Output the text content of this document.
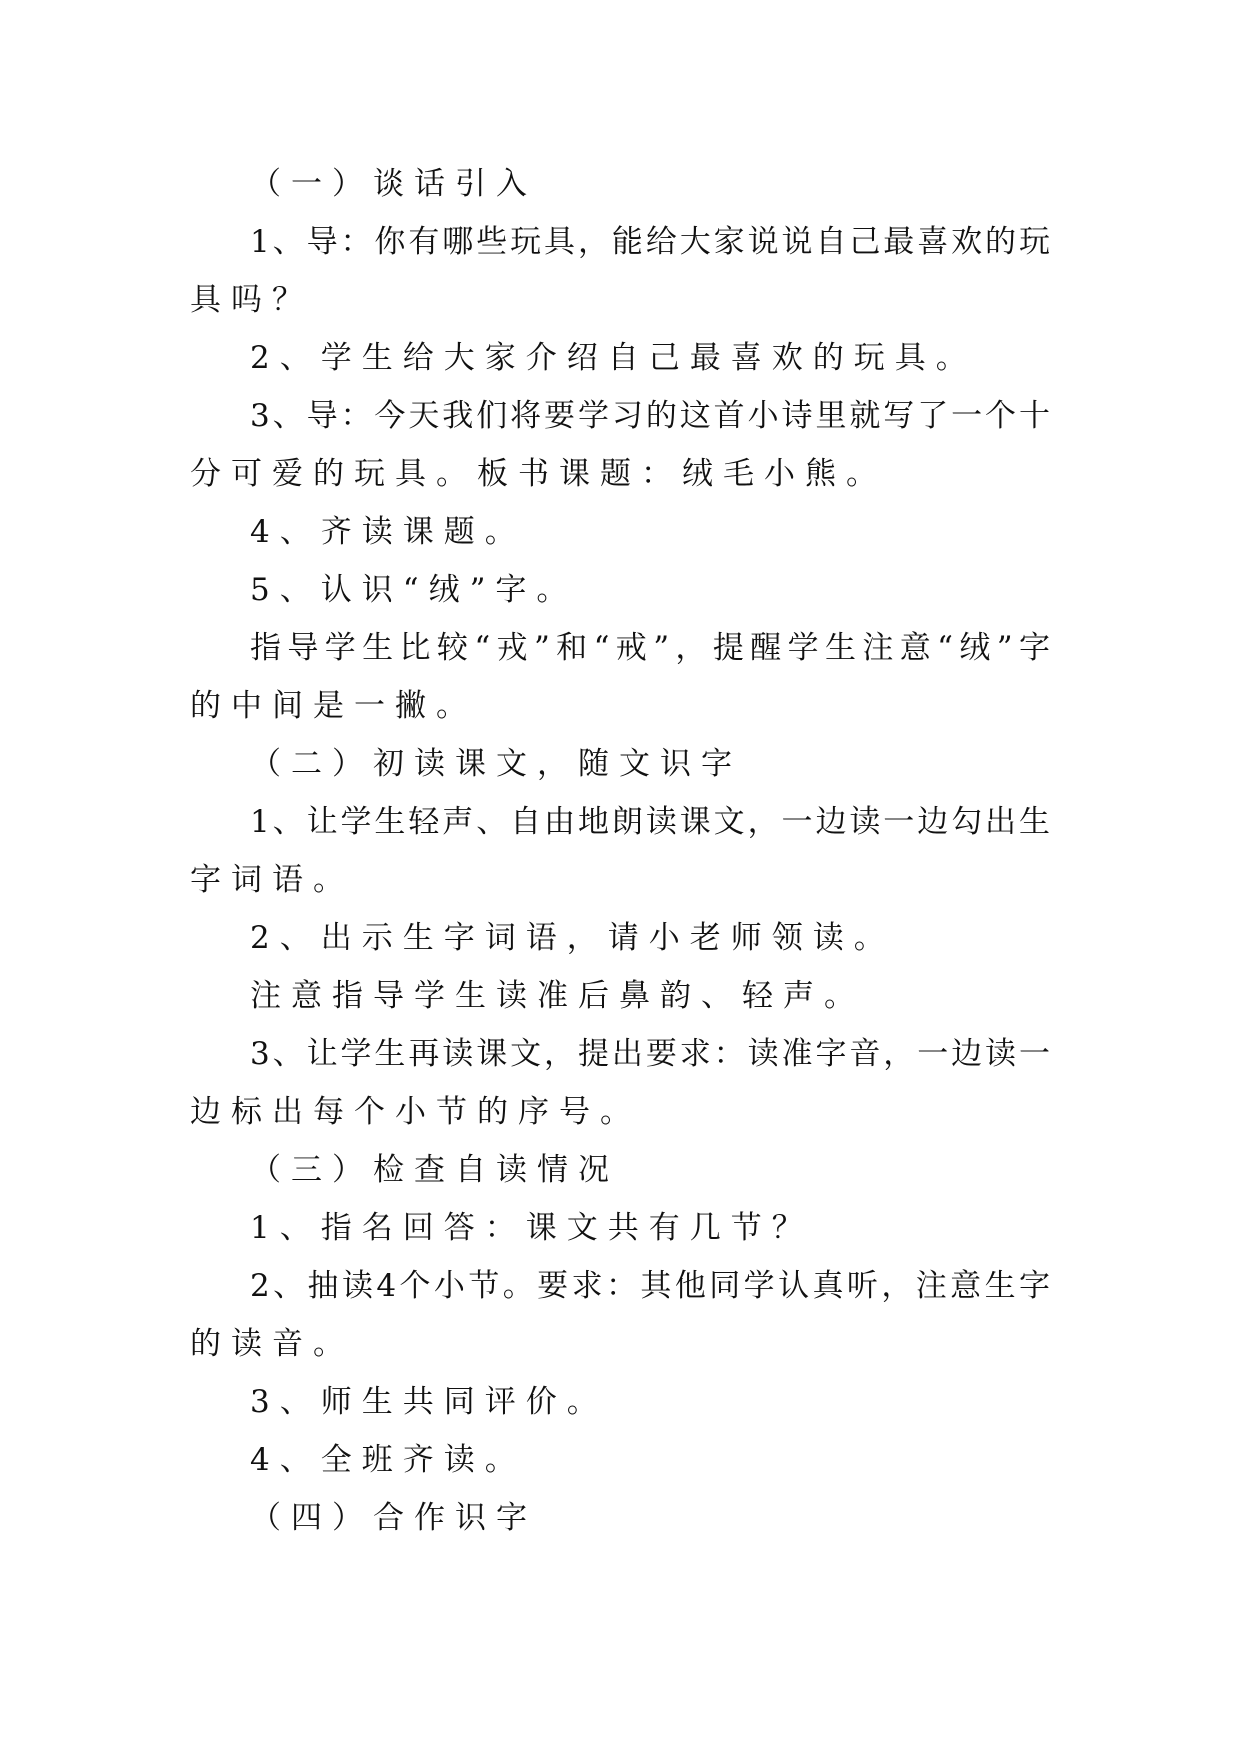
（一）谈话引入
1、导：你有哪些玩具，能给大家说说自己最喜欢的玩
具吗？
2、学生给大家介绍自己最喜欢的玩具。
3、导：今天我们将要学习的这首小诗里就写了一个十
分可爱的玩具。板书课题：绒毛小熊。
4、齐读课题。
5、认识“绒”字。
指导学生比较“戎”和“戒”，提醒学生注意“绒”字
的中间是一撇。
（二）初读课文，随文识字
1、让学生轻声、自由地朗读课文，一边读一边勾出生
字词语。
2、出示生字词语，请小老师领读。
注意指导学生读准后鼻韵、轻声。
3、让学生再读课文，提出要求：读准字音，一边读一
边标出每个小节的序号。
（三）检查自读情况
1、指名回答：课文共有几节？
2、抽读4个小节。要求：其他同学认真听，注意生字
的读音。
3、师生共同评价。
4、全班齐读。
（四）合作识字
